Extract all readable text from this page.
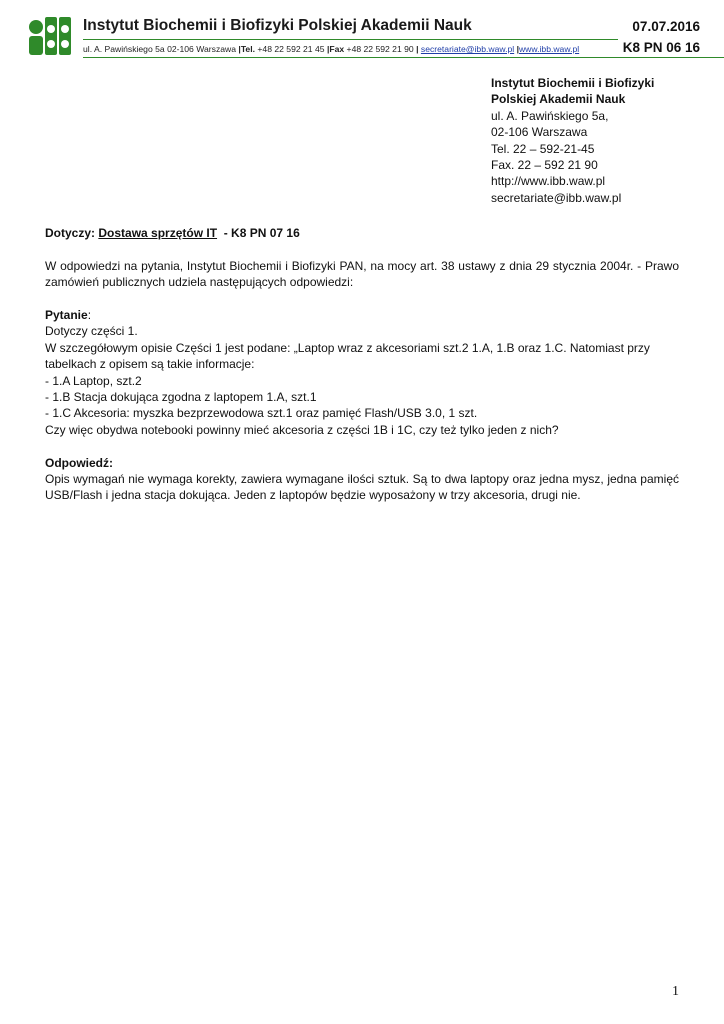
Instytut Biochemii i Biofizyki Polskiej Akademii Nauk	07.07.2016
K8 PN 06 16
ul. A. Pawińskiego 5a 02-106 Warszawa |Tel. +48 22 592 21 45 |Fax +48 22 592 21 90 | secretariate@ibb.waw.pl |www.ibb.waw.pl
Instytut Biochemii i Biofizyki
Polskiej Akademii Nauk
ul. A. Pawińskiego 5a,
02-106 Warszawa
Tel. 22 – 592-21-45
Fax. 22 – 592 21 90
http://www.ibb.waw.pl
secretariate@ibb.waw.pl

Dotyczy: Dostawa sprzętów IT  - K8 PN 07 16

W odpowiedzi na pytania, Instytut Biochemii i Biofizyki PAN, na mocy art. 38 ustawy z dnia 29 stycznia 2004r. - Prawo zamówień publicznych udziela następujących odpowiedzi:

Pytanie:

Dotyczy części 1.

W szczegółowym opisie Części 1 jest podane: „Laptop wraz z akcesoriami szt.2 1.A, 1.B oraz 1.C. Natomiast przy tabelkach z opisem są takie informacje:

- 1.A Laptop, szt.2

- 1.B Stacja dokująca zgodna z laptopem 1.A, szt.1

- 1.C Akcesoria: myszka bezprzewodowa szt.1 oraz pamięć Flash/USB 3.0, 1 szt.

Czy więc obydwa notebooki powinny mieć akcesoria z części 1B i 1C, czy też tylko jeden z nich?

Odpowiedź:

Opis wymagań nie wymaga korekty, zawiera wymagane ilości sztuk. Są to dwa laptopy oraz jedna mysz, jedna pamięć USB/Flash i jedna stacja dokująca. Jeden z laptopów będzie wyposażony w trzy akcesoria, drugi nie.

1
